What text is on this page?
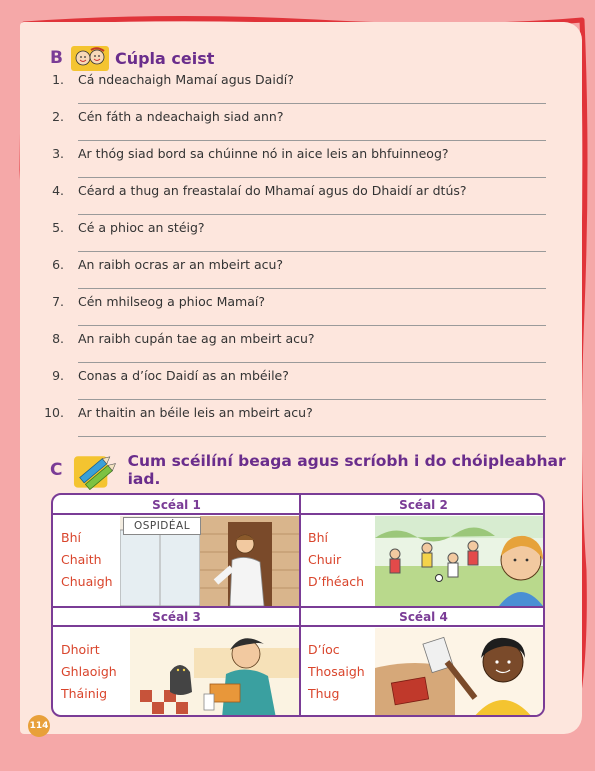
B	Cúpla ceist
1. Cá ndeachaigh Mamaí agus Daidí?
2. Cén fáth a ndeachaigh siad ann?
3. Ar thóg siad bord sa chúinne nó in aice leis an bhfuinneog?
4. Céard a thug an freastalaí do Mhamaí agus do Dhaidí ar dtús?
5. Cé a phioc an stéig?
6. An raibh ocras ar an mbeirt acu?
7. Cén mhilseog a phioc Mamaí?
8. An raibh cupán tae ag an mbeirt acu?
9. Conas a d’íoc Daidí as an mbéile?
10. Ar thaitin an béile leis an mbeirt acu?
C	Cum scéilíní beaga agus scríobh i do chóipleabhar iad.
Scéal 1
Bhí
Chaith
Chuaigh
OSPIDÉAL
Scéal 2
Bhí
Chuir
D’fhéach
Scéal 3
Dhoirt
Ghlaoigh
Tháinig
Scéal 4
D’íoc
Thosaigh
Thug
114
